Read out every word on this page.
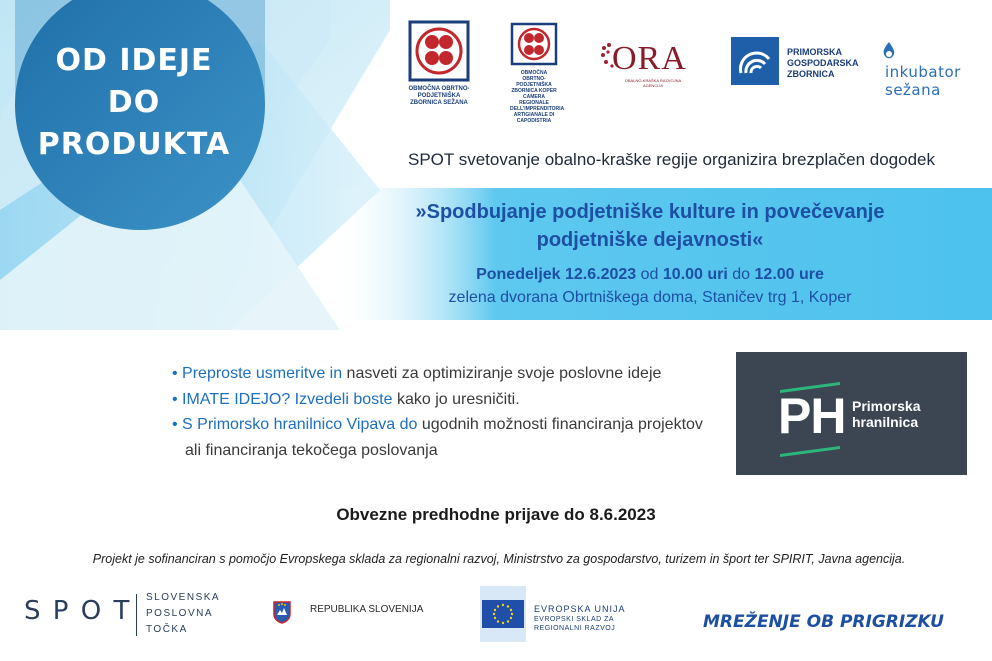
OD IDEJE
DO
PRODUKTA
OBMOČNA OBRTNO-PODJETNIŠKA ZBORNICA SEŽANA
OBMOČNA OBRTNO-PODJETNIŠKA ZBORNICA KOPER CAMERA REGIONALE DELL'IMPRENDITORIA ARTIGIANALE DI CAPODISTRIA
ORA
OBALNO-KRAŠKA RAZVOJNA AGENCIJA
PRIMORSKA
GOSPODARSKA
ZBORNICA	inkubator
sežana
SPOT svetovanje obalno-kraške regije organizira brezplačen dogodek
»Spodbujanje podjetniške kulture in povečevanje
podjetniške dejavnosti«
Ponedeljek 12.6.2023 od 10.00 uri do 12.00 ure
zelena dvorana Obrtniškega doma, Staničev trg 1, Koper
• Preproste usmeritve in nasveti za optimiziranje svoje poslovne ideje
• IMATE IDEJO? Izvedeli boste kako jo uresničiti.
• S Primorsko hranilnico Vipava do ugodnih možnosti financiranja projektov
ali financiranja tekočega poslovanja
PH Primorska
hranilnica
Obvezne predhodne prijave do 8.6.2023
Projekt je sofinanciran s pomočjo Evropskega sklada za regionalni razvoj, Ministrstvo za gospodarstvo, turizem in šport ter SPIRIT, Javna agencija.
S P O T SLOVENSKA
POSLOVNA
TOČKA
REPUBLIKA SLOVENIJA	EVROPSKA UNIJA
EVROPSKI SKLAD ZA
REGIONALNI RAZVOJ	MREŽENJE OB PRIGRIZKU
